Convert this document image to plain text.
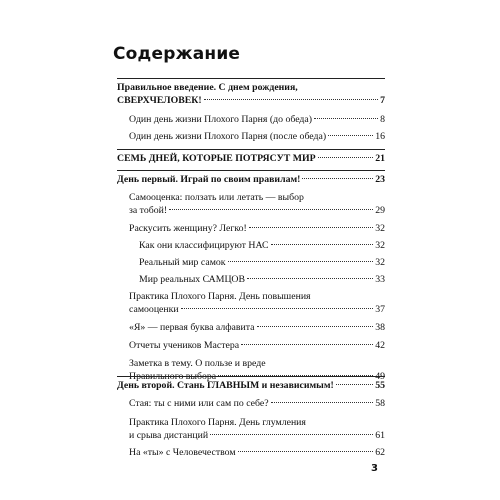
Содержание
Правильное введение. С днем рождения,
СВЕРХЧЕЛОВЕК!	7
Один день жизни Плохого Парня (до обеда)	8
Один день жизни Плохого Парня (после обеда)	16
СЕМЬ ДНЕЙ, КОТОРЫЕ ПОТРЯСУТ МИР	21
День первый. Играй по своим правилам!	23
Самооценка: ползать или летать — выбор
за тобой!	29
Раскусить женщину? Легко!	32
Как они классифицируют НАС	32
Реальный мир самок	32
Мир реальных САМЦОВ	33
Практика Плохого Парня. День повышения
самооценки	37
«Я» — первая буква алфавита	38
Отчеты учеников Мастера	42
Заметка в тему. О пользе и вреде
Правильного выбора	49
День второй. Стань ГЛАВНЫМ и независимым!	55
Стая: ты с ними или сам по себе?	58
Практика Плохого Парня. День глумления
и срыва дистанций	61
На «ты» с Человечеством	62
3
